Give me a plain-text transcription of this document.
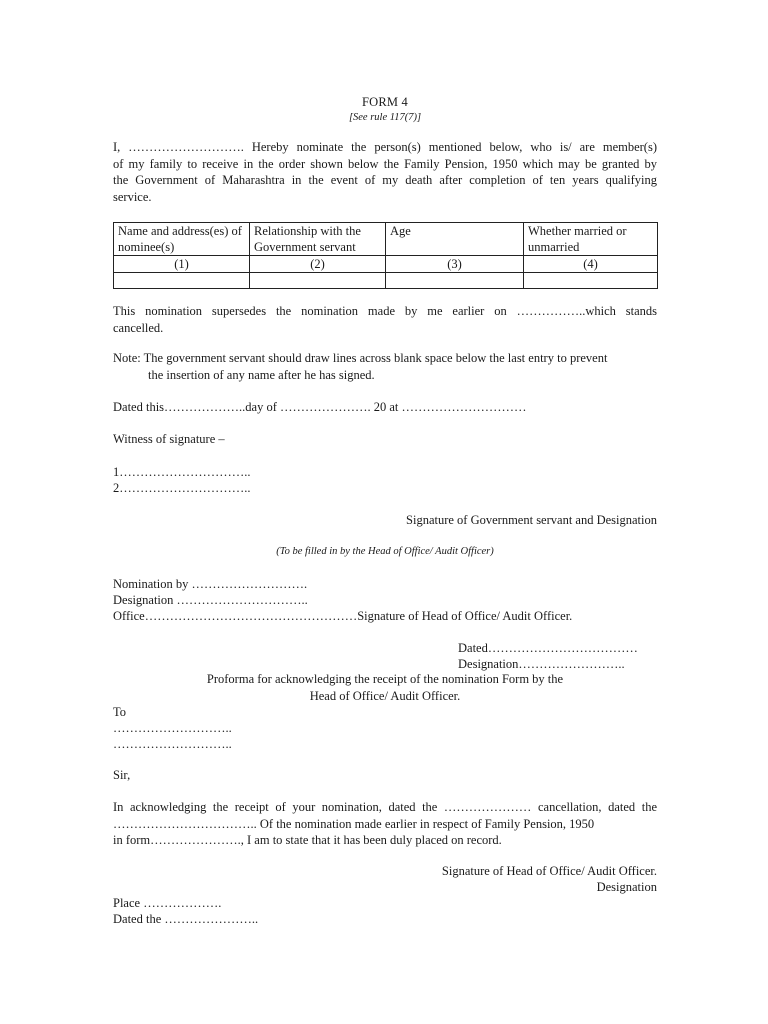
FORM 4
[See rule 117(7)]
I, ………………………. Hereby nominate the person(s) mentioned below, who is/ are member(s)
of my family to receive in the order shown below the Family Pension, 1950 which may be granted by
the Government of Maharashtra in the event of my death after completion of ten years qualifying
service.
Name and address(es) of nominee(s)	Relationship with the Government servant	Age	Whether married or unmarried
(1)	(2)	(3)	(4)

This nomination supersedes the nomination made by me earlier on ……………..which stands
cancelled.
Note: The government servant should draw lines across blank space below the last entry to prevent
the insertion of any name after he has signed.
Dated this………………..day of …………………. 20 at …………………………
Witness of signature –
1…………………………..
2…………………………..
Signature of Government servant and Designation
(To be filled in by the Head of Office/ Audit Officer)
Nomination by ……………………….
Designation …………………………..
Office……………………………………………Signature of Head of Office/ Audit Officer.
Dated………………………………
Designation……………………..
Proforma for acknowledging the receipt of the nomination Form by the
Head of Office/ Audit Officer.
To
………………………..
………………………..
Sir,
In acknowledging the receipt of your nomination, dated the ………………… cancellation, dated the
…………………………….. Of the nomination made earlier in respect of Family Pension, 1950
in form…………………., I am to state that it has been duly placed on record.
Signature of Head of Office/ Audit Officer.
Designation
Place ……………….
Dated the …………………..
